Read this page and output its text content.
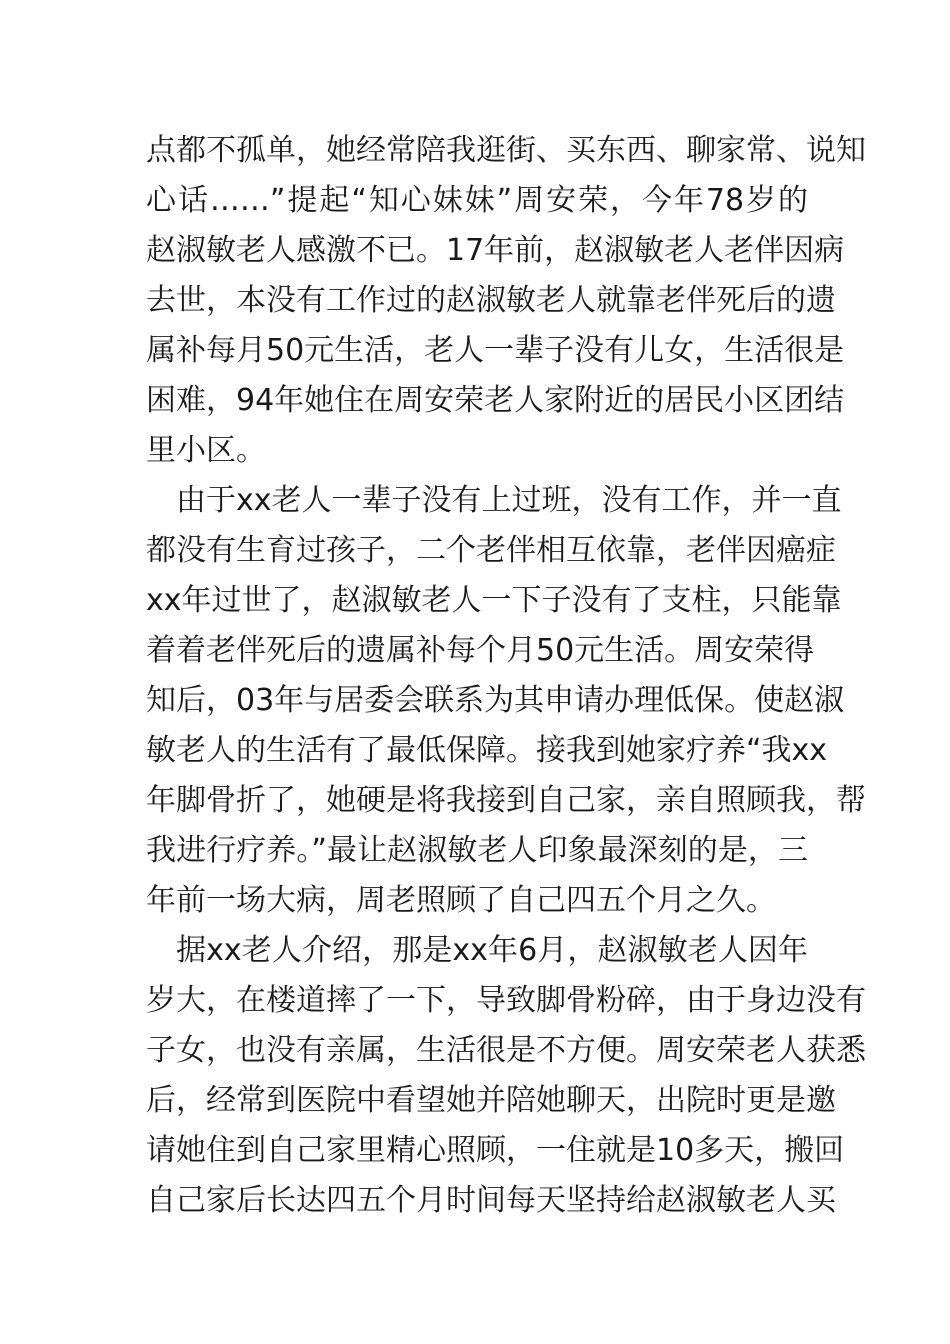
点都不孤单，她经常陪我逛街、买东西、聊家常、说知
心话……”提起“知心妹妹”周安荣，今年78岁的
赵淑敏老人感激不已。17年前，赵淑敏老人老伴因病
去世，本没有工作过的赵淑敏老人就靠老伴死后的遗
属补每月50元生活，老人一辈子没有儿女，生活很是
困难，94年她住在周安荣老人家附近的居民小区团结
里小区。
　由于xx老人一辈子没有上过班，没有工作，并一直
都没有生育过孩子，二个老伴相互依靠，老伴因癌症
xx年过世了，赵淑敏老人一下子没有了支柱，只能靠
着着老伴死后的遗属补每个月50元生活。周安荣得
知后，03年与居委会联系为其申请办理低保。使赵淑
敏老人的生活有了最低保障。接我到她家疗养“我xx
年脚骨折了，她硬是将我接到自己家，亲自照顾我，帮
我进行疗养。”最让赵淑敏老人印象最深刻的是，三
年前一场大病，周老照顾了自己四五个月之久。
　据xx老人介绍，那是xx年6月，赵淑敏老人因年
岁大，在楼道摔了一下，导致脚骨粉碎，由于身边没有
子女，也没有亲属，生活很是不方便。周安荣老人获悉
后，经常到医院中看望她并陪她聊天，出院时更是邀
请她住到自己家里精心照顾，一住就是10多天，搬回
自己家后长达四五个月时间每天坚持给赵淑敏老人买
